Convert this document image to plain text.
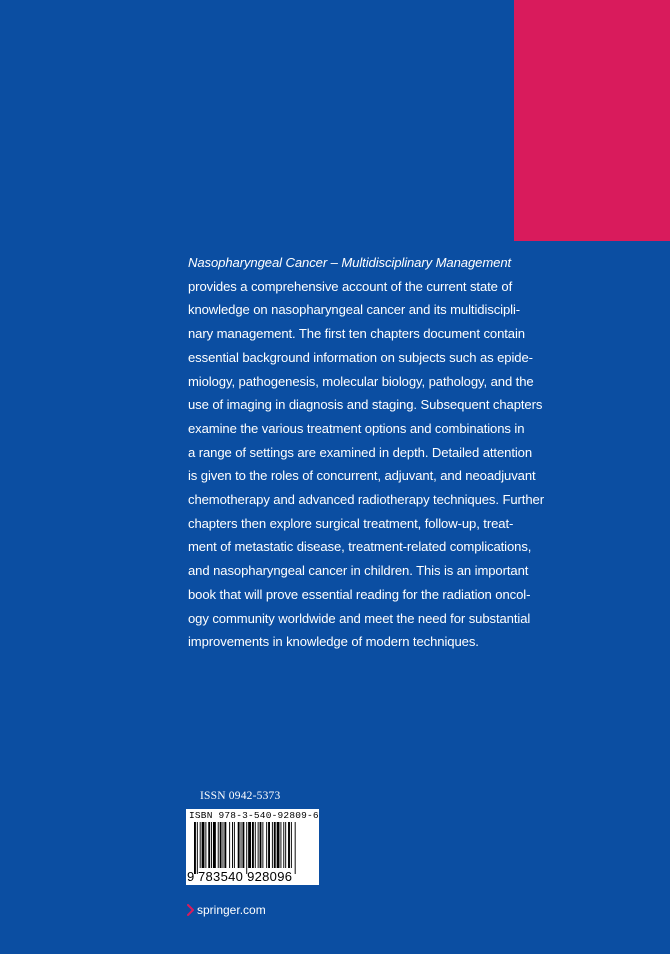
Nasopharyngeal Cancer – Multidisciplinary Management
provides a comprehensive account of the current state of
knowledge on nasopharyngeal cancer and its multidiscipli-
nary management. The first ten chapters document contain
essential background information on subjects such as epide-
miology, pathogenesis, molecular biology, pathology, and the
use of imaging in diagnosis and staging. Subsequent chapters
examine the various treatment options and combinations in
a range of settings are examined in depth. Detailed attention
is given to the roles of concurrent, adjuvant, and neoadjuvant
chemotherapy and advanced radiotherapy techniques. Further
chapters then explore surgical treatment, follow-up, treat-
ment of metastatic disease, treatment-related complications,
and nasopharyngeal cancer in children. This is an important
book that will prove essential reading for the radiation oncol-
ogy community worldwide and meet the need for substantial
improvements in knowledge of modern techniques.
ISSN 0942-5373
ISBN 978-3-540-92809-6
9 783540 928096
springer.com
